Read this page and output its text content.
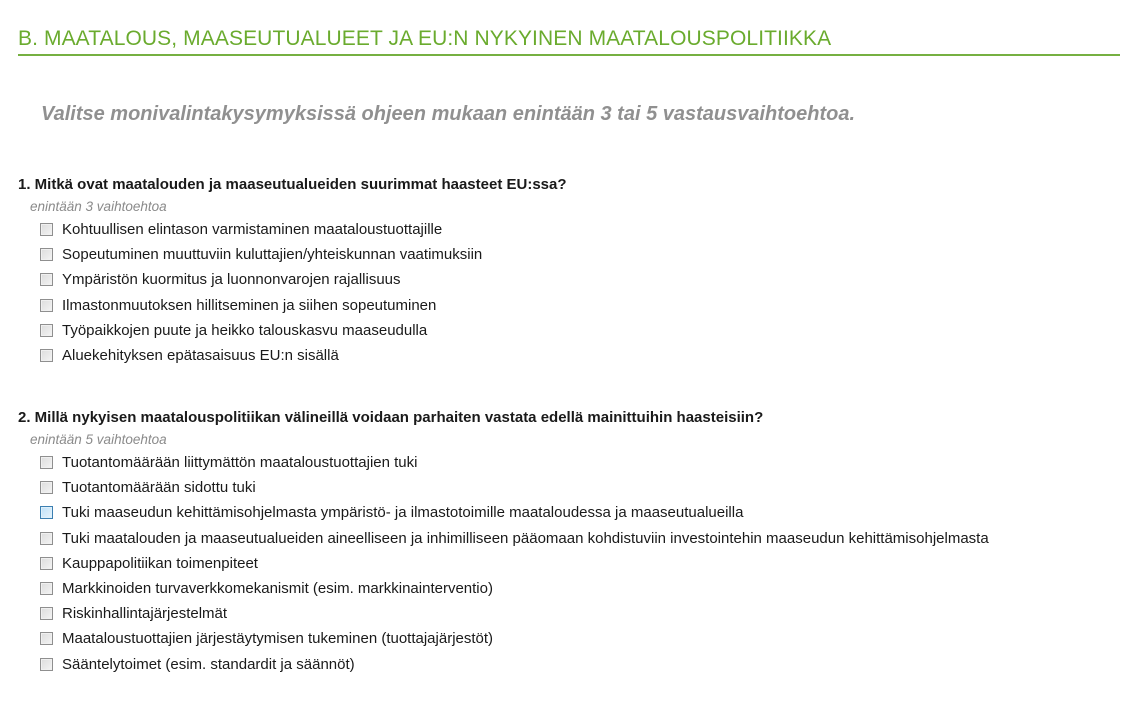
B. MAATALOUS, MAASEUTUALUEET JA EU:N NYKYINEN MAATALOUSPOLITIIKKA
Valitse monivalintakysymyksissä ohjeen mukaan enintään 3 tai 5 vastausvaihtoehtoa.
1. Mitkä ovat maatalouden ja maaseutualueiden suurimmat haasteet EU:ssa?
enintään 3 vaihtoehtoa
Kohtuullisen elintason varmistaminen maataloustuottajille
Sopeutuminen muuttuviin kuluttajien/yhteiskunnan vaatimuksiin
Ympäristön kuormitus ja luonnonvarojen rajallisuus
Ilmastonmuutoksen hillitseminen ja siihen sopeutuminen
Työpaikkojen puute ja heikko talouskasvu maaseudulla
Aluekehityksen epätasaisuus EU:n sisällä
2. Millä nykyisen maatalouspolitiikan välineillä voidaan parhaiten vastata edellä mainittuihin haasteisiin?
enintään 5 vaihtoehtoa
Tuotantomäärään liittymättön maataloustuottajien tuki
Tuotantomäärään sidottu tuki
Tuki maaseudun kehittämisohjelmasta ympäristö- ja ilmastotoimille maataloudessa ja maaseutualueilla
Tuki maatalouden ja maaseutualueiden aineelliseen ja inhimilliseen pääomaan kohdistuviin investointehin maaseudun kehittämisohjelmasta
Kauppapolitiikan toimenpiteet
Markkinoiden turvaverkkomekanismit (esim. markkinainterventio)
Riskinhallintajärjestelmät
Maataloustuottajien järjestäytymisen tukeminen (tuottajajärjestöt)
Sääntelytoimet (esim. standardit ja säännöt)
